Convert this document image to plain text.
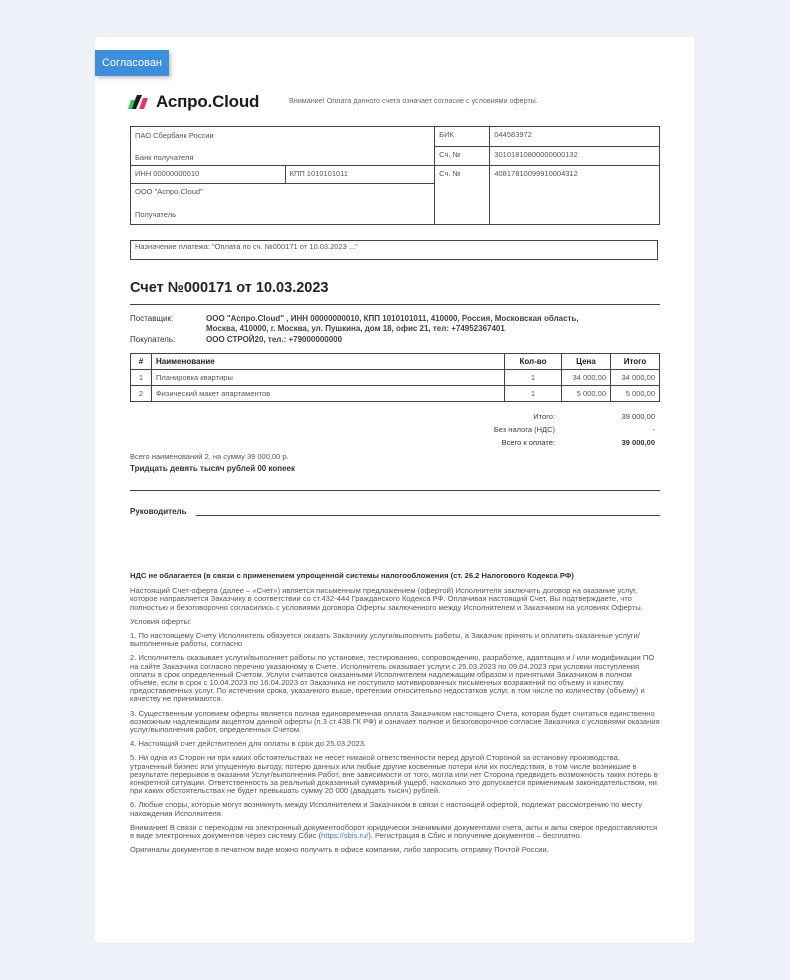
Согласован
Аспро.Cloud	Внимание! Оплата данного счета означает согласие с условиями оферты.
ПАО Сбербанк России
Банк получателя		БИК	044583972
		Сч. №	30101810800000000132
ИНН 00000000010	КПП 1010101011	Сч. №	40817810099910004312

ООО "Аспро.Cloud"
Получатель			
Назначение платежа: "Оплата по сч. №000171 от 10.03.2023 ..."
Счет №000171 от 10.03.2023
Поставщик:	ООО "Аспро.Cloud" , ИНН 00000000010, КПП 1010101011, 410000, Россия, Московская область,
Москва, 410000, г. Москва, ул. Пушкина, дом 18, офис 21, тел: +74952367401
Покупатель:	ООО СТРОЙ20, тел.: +79000000000
#	Наименование	Кол-во	Цена	Итого
1	Планировка квартиры	1	34 000,00	34 000,00
2	Физический макет апартаментов	1	5 000,00	5 000,00
Итого:	39 000,00
Без налога (НДС)	-
Всего к оплате:	39 000,00
Всего наименований 2, на сумму 39 000,00 р.
Тридцать девять тысяч рублей 00 копеек
Руководитель

НДС не облагается (в связи с применением упрощенной системы налогообложения (ст. 26.2 Налогового Кодекса РФ)

Настоящий Счет-оферта (далее – «Счет») является письменным предложением (офертой) Исполнителя заключить договор на оказание услуг, которое направляется Заказчику в соответствии со ст.432-444 Гражданского Кодекса РФ. Оплачивая настоящий Счет, Вы подтверждаете, что полностью и безоговорочно согласились с условиями договора Оферты заключенного между Исполнителем и Заказчиком на условиях Оферты.

Условия оферты:

1. По настоящему Счету Исполнитель обязуется оказать Заказчику услуги/выполнить работы, а Заказчик принять и оплатить оказанные услуги/выполненные работы, согласно

2. Исполнитель оказывает услуги/выполняет работы по установке, тестированию, сопровождению, разработке, адаптации и / или модификации ПО на сайте Заказчика согласно перечню указанному в Счете. Исполнитель оказывает услуги с 25.03.2023 по 09.04.2023 при условии поступления оплаты в срок определенный Счетом. Услуги считаются оказанными Исполнителем надлежащим образом и принятыми Заказчиком в полном объеме, если в срок с 10.04.2023 по 16.04.2023 от Заказчика не поступило мотивированных письменных возражений по объему и качеству предоставленных услуг. По истечении срока, указанного выше, претензии относительно недостатков услуг, в том числе по количеству (объему) и качеству не принимаются.

3. Существенным условием оферты является полная единовременная оплата Заказчиком настоящего Счета, которая будет считаться единственно возможным надлежащим акцептом данной оферты (п.3 ст.438 ГК РФ) и означает полное и безоговорочное согласие Заказчика с условиями оказания услуг/выполнения работ, определенных Счетом.

4. Настоящий счет действителен для оплаты в срок до 25.03.2023.

5. Ни одна из Сторон ни при каких обстоятельствах не несет никакой ответственности перед другой Стороной за остановку производства, утраченный бизнес или упущенную выгоду, потерю данных или любые другие косвенные потери или их последствия, в том числе возникшие в результате перерывов в оказании Услуг/выполнения Работ, вне зависимости от того, могла или нет Сторона предвидеть возможность таких потерь в конкретной ситуации. Ответственность за реальный доказанный суммарный ущерб, насколько это допускается применимым законодательством, ни при каких обстоятельствах не будет превышать сумму 20 000 (двадцать тысяч) рублей.

6. Любые споры, которые могут возникнуть между Исполнителем и Заказчиком в связи с настоящей офертой, подлежат рассмотрению по месту нахождения Исполнителя.

Внимание! В связи с переходом на электронный документооборот юридически значимыми документами счета, акты и акты сверок предоставляются в виде электронных документов через систему Сбис (https://sbis.ru/). Регистрация в Сбис и получение документов – бесплатно.

Оригиналы документов в печатном виде можно получить в офисе компании, либо запросить отправку Почтой России.
